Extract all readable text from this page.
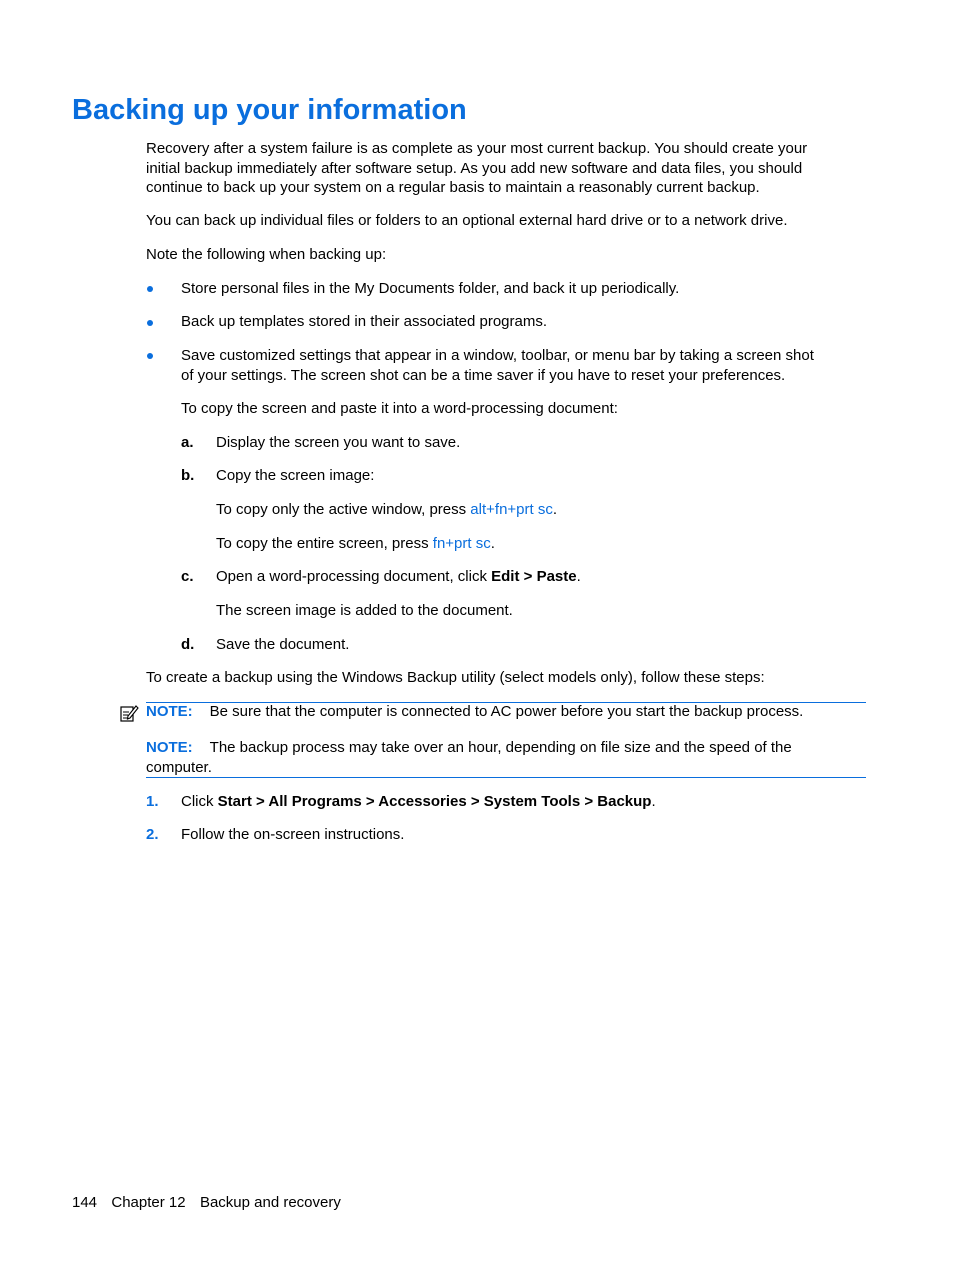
Backing up your information
Recovery after a system failure is as complete as your most current backup. You should create your
initial backup immediately after software setup. As you add new software and data files, you should
continue to back up your system on a regular basis to maintain a reasonably current backup.
You can back up individual files or folders to an optional external hard drive or to a network drive.
Note the following when backing up:
Store personal files in the My Documents folder, and back it up periodically.
Back up templates stored in their associated programs.
Save customized settings that appear in a window, toolbar, or menu bar by taking a screen shot
of your settings. The screen shot can be a time saver if you have to reset your preferences.
To copy the screen and paste it into a word-processing document:
a. Display the screen you want to save.
b. Copy the screen image:
To copy only the active window, press alt+fn+prt sc.
To copy the entire screen, press fn+prt sc.
c. Open a word-processing document, click Edit > Paste.
The screen image is added to the document.
d. Save the document.
To create a backup using the Windows Backup utility (select models only), follow these steps:
NOTE: Be sure that the computer is connected to AC power before you start the backup process.
NOTE: The backup process may take over an hour, depending on file size and the speed of the
computer.
1. Click Start > All Programs > Accessories > System Tools > Backup.
2. Follow the on-screen instructions.
144 Chapter 12 Backup and recovery
